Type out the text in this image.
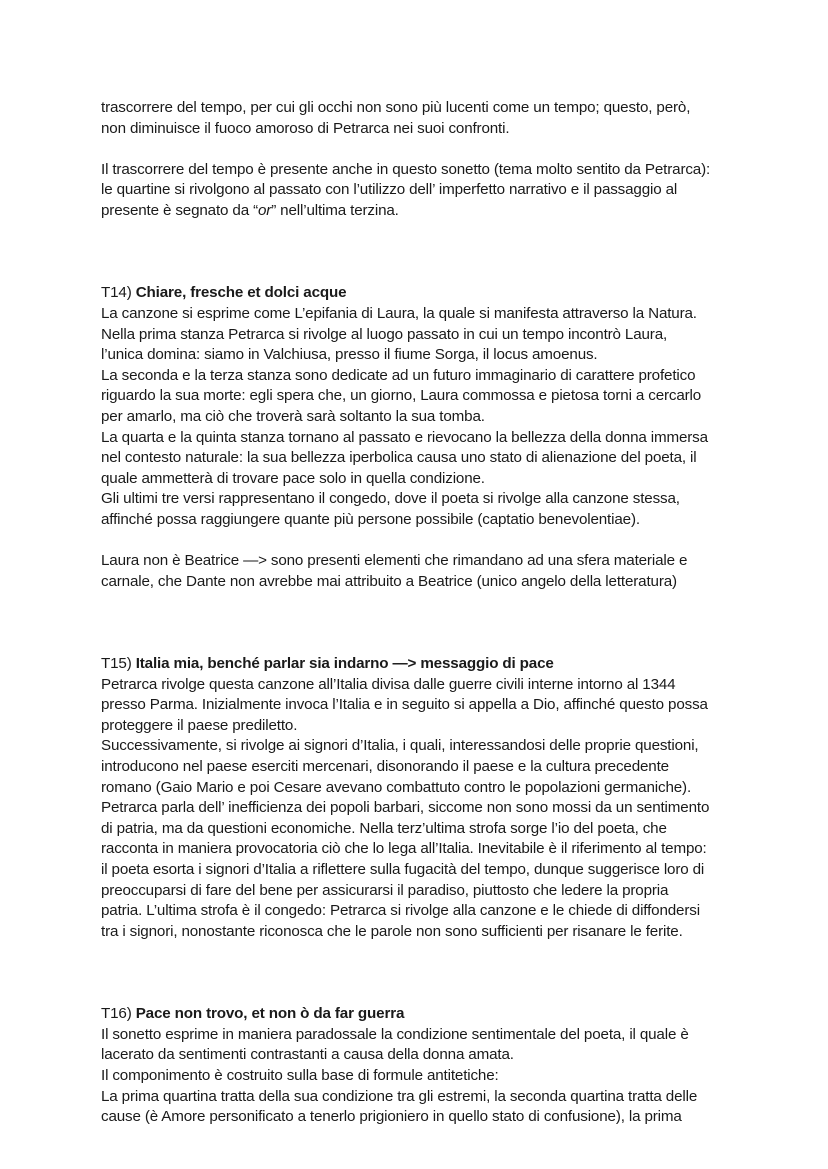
trascorrere del tempo, per cui gli occhi non sono più lucenti come un tempo; questo, però,
non diminuisce il fuoco amoroso di Petrarca nei suoi confronti.
Il trascorrere del tempo è presente anche in questo sonetto (tema molto sentito da Petrarca):
le quartine si rivolgono al passato con l’utilizzo dell’ imperfetto narrativo e il passaggio al
presente è segnato da “or” nell’ultima terzina.
T14) Chiare, fresche et dolci acque
La canzone si esprime come L’epifania di Laura, la quale si manifesta attraverso la Natura.
Nella prima stanza Petrarca si rivolge al luogo passato in cui un tempo incontrò Laura,
l’unica domina: siamo in Valchiusa, presso il fiume Sorga, il locus amoenus.
La seconda e la terza stanza sono dedicate ad un futuro immaginario di carattere profetico
riguardo la sua morte: egli spera che, un giorno, Laura commossa e pietosa torni a cercarlo
per amarlo, ma ciò che troverà sarà soltanto la sua tomba.
La quarta e la quinta stanza tornano al passato e rievocano la bellezza della donna immersa
nel contesto naturale: la sua bellezza iperbolica causa uno stato di alienazione del poeta, il
quale ammetterà di trovare pace solo in quella condizione.
Gli ultimi tre versi rappresentano il congedo, dove il poeta si rivolge alla canzone stessa,
affinché possa raggiungere quante più persone possibile (captatio benevolentiae).
Laura non è Beatrice —> sono presenti elementi che rimandano ad una sfera materiale e
carnale, che Dante non avrebbe mai attribuito a Beatrice (unico angelo della letteratura)
T15) Italia mia, benché parlar sia indarno —> messaggio di pace
Petrarca rivolge questa canzone all’Italia divisa dalle guerre civili interne intorno al 1344
presso Parma. Inizialmente invoca l’Italia e in seguito si appella a Dio, affinché questo possa
proteggere il paese prediletto.
Successivamente, si rivolge ai signori d’Italia, i quali, interessandosi delle proprie questioni,
introducono nel paese eserciti mercenari, disonorando il paese e la cultura precedente
romano (Gaio Mario e poi Cesare avevano combattuto contro le popolazioni germaniche).
Petrarca parla dell’ inefficienza dei popoli barbari, siccome non sono mossi da un sentimento
di patria, ma da questioni economiche. Nella terz’ultima strofa sorge l’io del poeta, che
racconta in maniera provocatoria ciò che lo lega all’Italia. Inevitabile è il riferimento al tempo:
il poeta esorta i signori d’Italia a riflettere sulla fugacità del tempo, dunque suggerisce loro di
preoccuparsi di fare del bene per assicurarsi il paradiso, piuttosto che ledere la propria
patria. L’ultima strofa è il congedo: Petrarca si rivolge alla canzone e le chiede di diffondersi
tra i signori, nonostante riconosca che le parole non sono sufficienti per risanare le ferite.
T16) Pace non trovo, et non ò da far guerra
Il sonetto esprime in maniera paradossale la condizione sentimentale del poeta, il quale è
lacerato da sentimenti contrastanti a causa della donna amata.
Il componimento è costruito sulla base di formule antitetiche:
La prima quartina tratta della sua condizione tra gli estremi, la seconda quartina tratta delle
cause (è Amore personificato a tenerlo prigioniero in quello stato di confusione), la prima
